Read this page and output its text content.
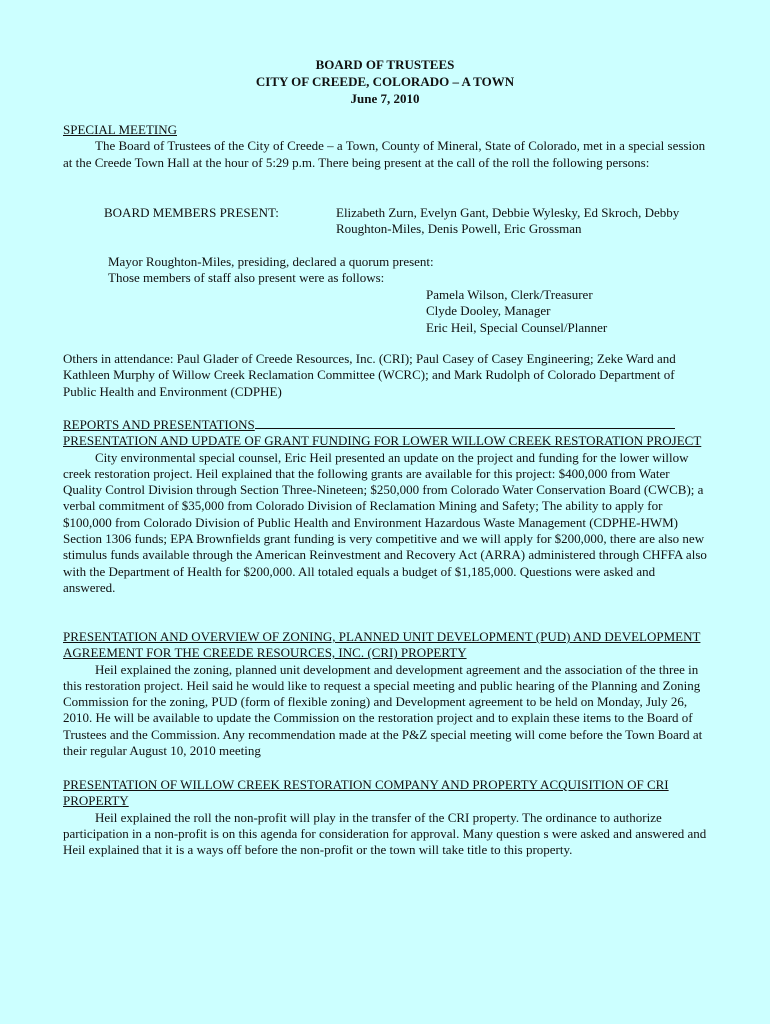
BOARD OF TRUSTEES
CITY OF CREEDE, COLORADO – A TOWN
June 7, 2010
SPECIAL MEETING
The Board of Trustees of the City of Creede – a Town, County of Mineral, State of Colorado, met in a special session at the Creede Town Hall at the hour of 5:29 p.m. There being present at the call of the roll the following persons:
BOARD MEMBERS PRESENT:	Elizabeth Zurn, Evelyn Gant, Debbie Wylesky, Ed Skroch, Debby Roughton-Miles, Denis Powell, Eric Grossman
Mayor Roughton-Miles, presiding, declared a quorum present:
Those members of staff also present were as follows:
Pamela Wilson, Clerk/Treasurer
Clyde Dooley, Manager
Eric Heil, Special Counsel/Planner
Others in attendance: Paul Glader of Creede Resources, Inc. (CRI); Paul Casey of Casey Engineering; Zeke Ward and Kathleen Murphy of Willow Creek Reclamation Committee (WCRC); and Mark Rudolph of Colorado Department of Public Health and Environment (CDPHE)
REPORTS AND PRESENTATIONS
PRESENTATION AND UPDATE OF GRANT FUNDING FOR LOWER WILLOW CREEK RESTORATION PROJECT
City environmental special counsel, Eric Heil presented an update on the project and funding for the lower willow creek restoration project. Heil explained that the following grants are available for this project: $400,000 from Water Quality Control Division through Section Three-Nineteen; $250,000 from Colorado Water Conservation Board (CWCB); a verbal commitment of $35,000 from Colorado Division of Reclamation Mining and Safety; The ability to apply for $100,000 from Colorado Division of Public Health and Environment Hazardous Waste Management (CDPHE-HWM) Section 1306 funds; EPA Brownfields grant funding is very competitive and we will apply for $200,000, there are also new stimulus funds available through the American Reinvestment and Recovery Act (ARRA) administered through CHFFA also with the Department of Health for $200,000. All totaled equals a budget of $1,185,000. Questions were asked and answered.
PRESENTATION AND OVERVIEW OF ZONING, PLANNED UNIT DEVELOPMENT (PUD) AND DEVELOPMENT AGREEMENT FOR THE CREEDE RESOURCES, INC. (CRI) PROPERTY
Heil explained the zoning, planned unit development and development agreement and the association of the three in this restoration project. Heil said he would like to request a special meeting and public hearing of the Planning and Zoning Commission for the zoning, PUD (form of flexible zoning) and Development agreement to be held on Monday, July 26, 2010. He will be available to update the Commission on the restoration project and to explain these items to the Board of Trustees and the Commission. Any recommendation made at the P&Z special meeting will come before the Town Board at their regular August 10, 2010 meeting
PRESENTATION OF WILLOW CREEK RESTORATION COMPANY AND PROPERTY ACQUISITION OF CRI PROPERTY
Heil explained the roll the non-profit will play in the transfer of the CRI property. The ordinance to authorize participation in a non-profit is on this agenda for consideration for approval. Many question s were asked and answered and Heil explained that it is a ways off before the non-profit or the town will take title to this property.
